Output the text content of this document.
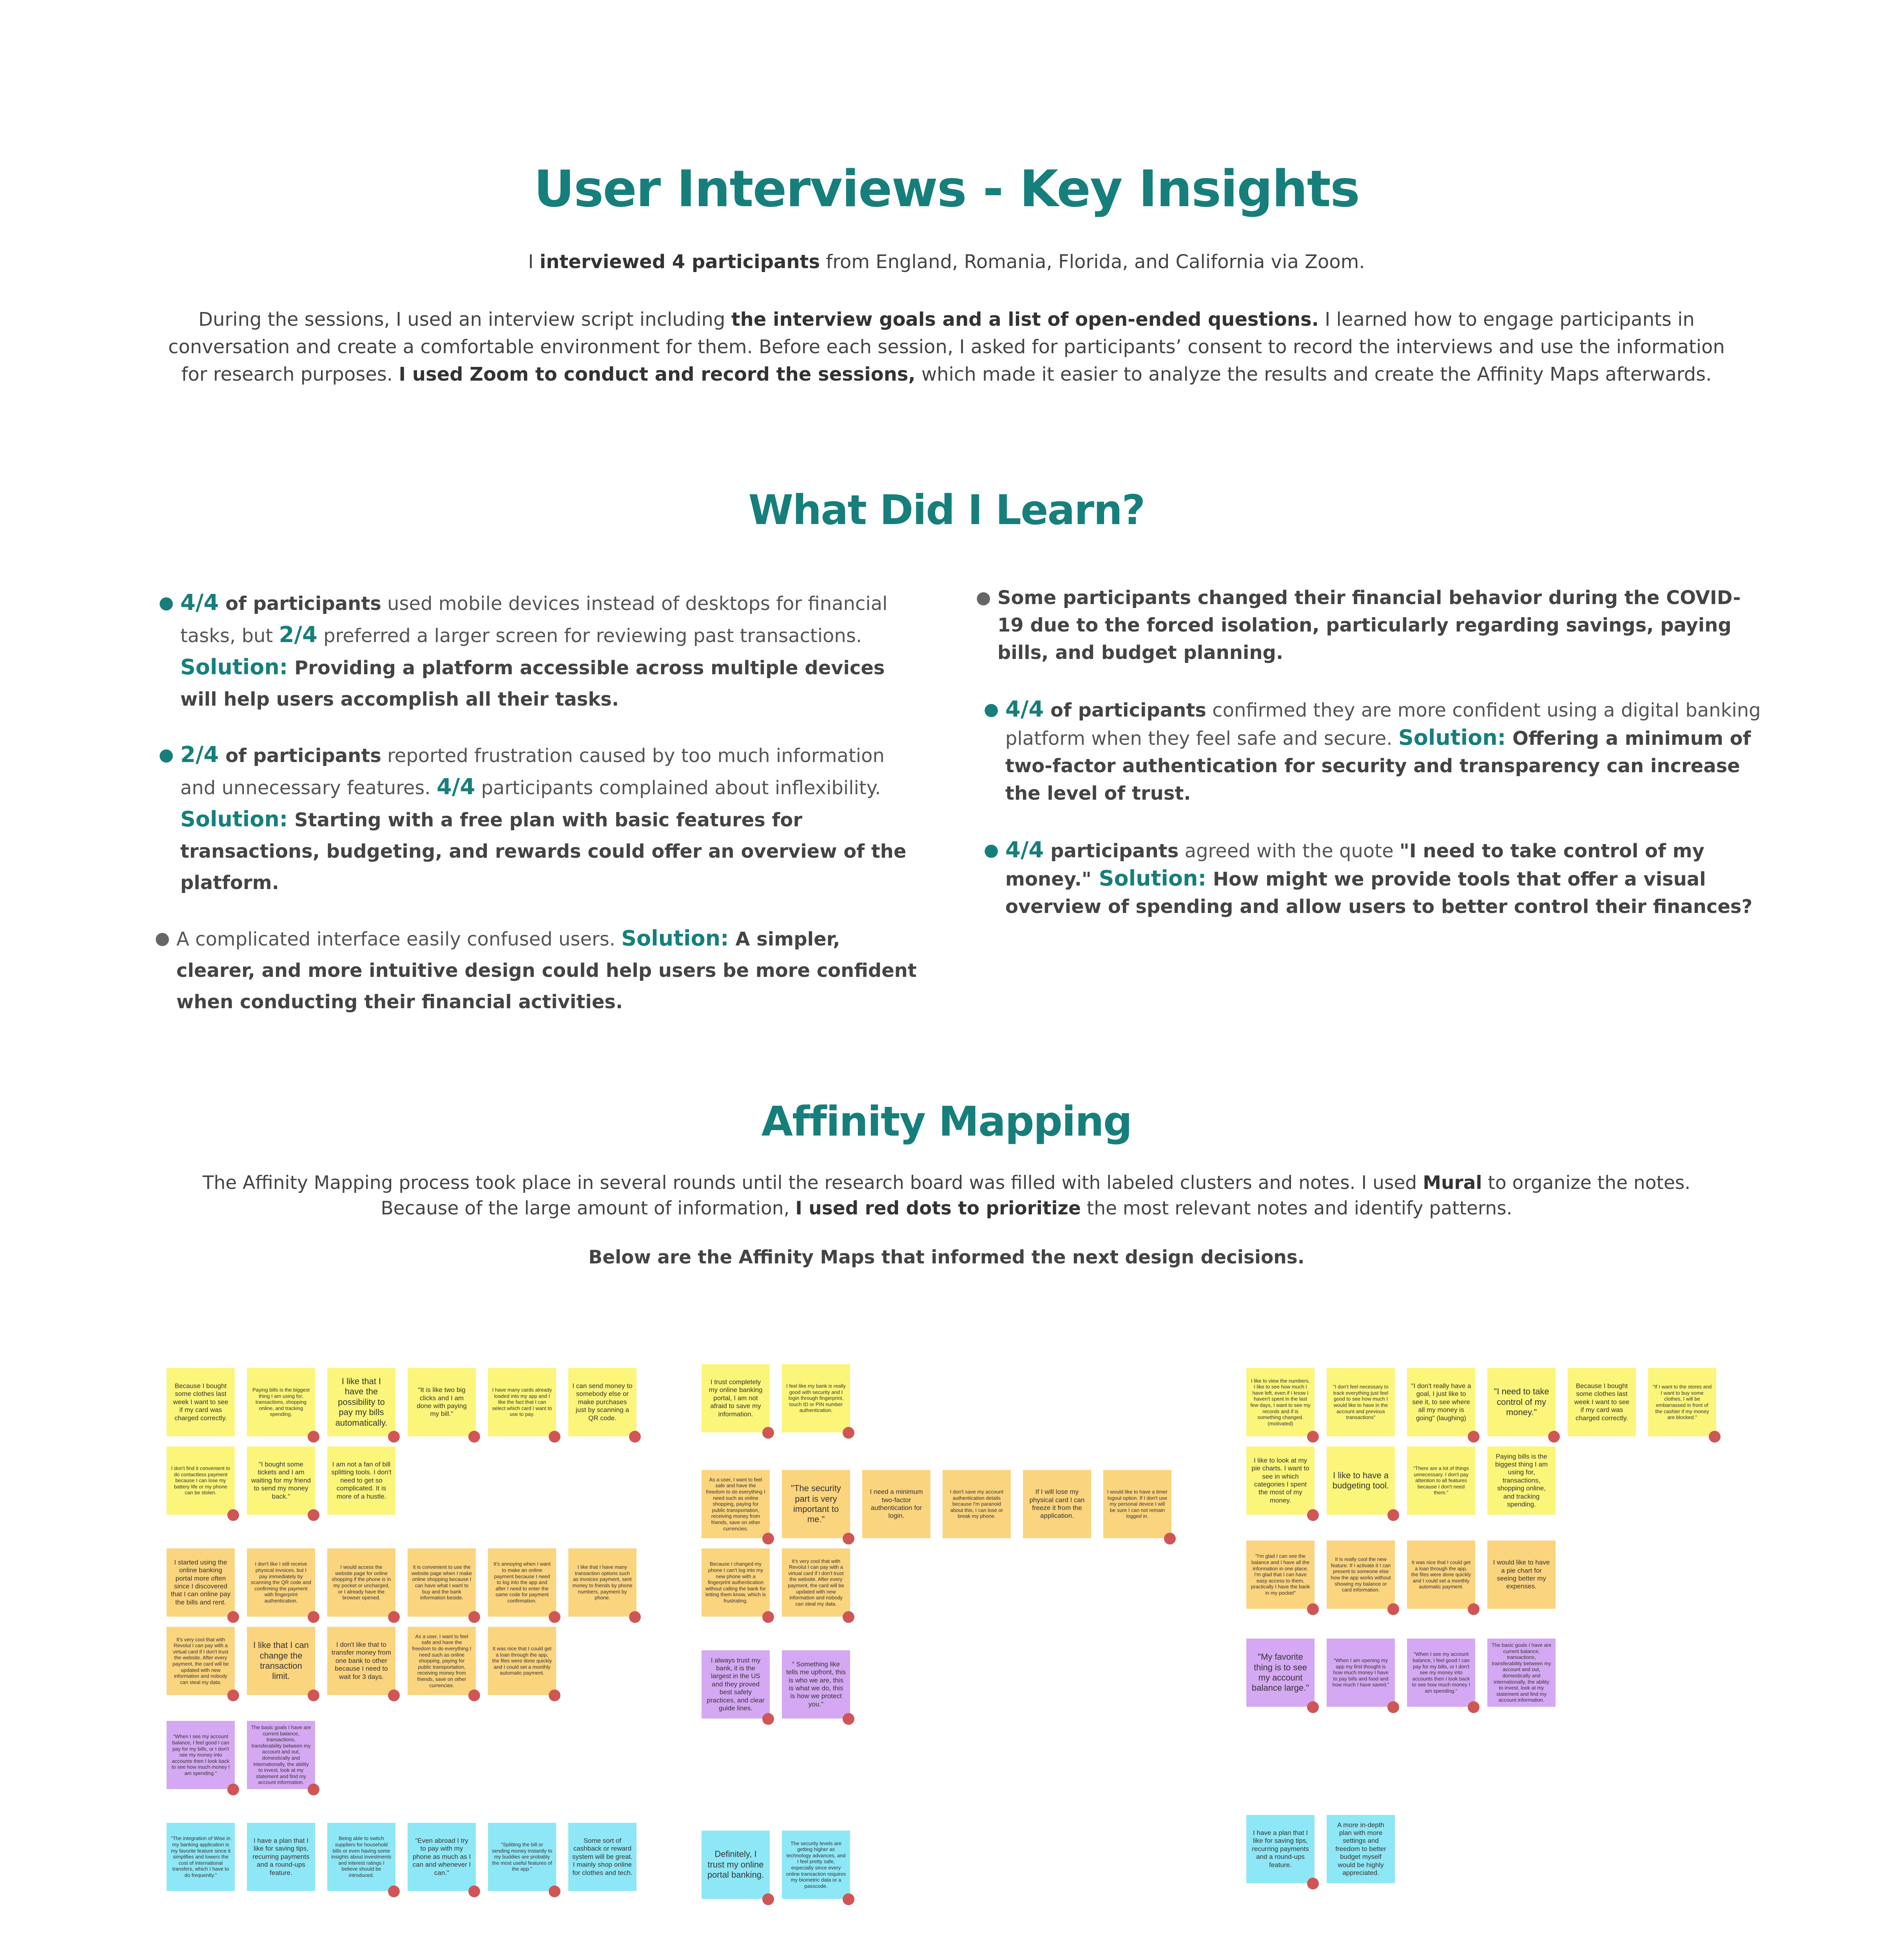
User Interviews - Key Insights

I interviewed 4 participants from England, Romania, Florida, and California via Zoom.

During the sessions, I used an interview script including the interview goals and a list of open-ended questions. I learned how to engage participants in conversation and create a comfortable environment for them. Before each session, I asked for participants’ consent to record the interviews and use the information for research purposes. I used Zoom to conduct and record the sessions, which made it easier to analyze the results and create the Affinity Maps afterwards.

What Did I Learn?
● 4/4 of participants used mobile devices instead of desktops for financial tasks, but 2/4 preferred a larger screen for reviewing past transactions. Solution: Providing a platform accessible across multiple devices will help users accomplish all their tasks.
● 2/4 of participants reported frustration caused by too much information and unnecessary features. 4/4 participants complained about inflexibility. Solution: Starting with a free plan with basic features for transactions, budgeting, and rewards could offer an overview of the platform.
● A complicated interface easily confused users. Solution: A simpler, clearer, and more intuitive design could help users be more confident when conducting their financial activities.
● Some participants changed their financial behavior during the COVID-19 due to the forced isolation, particularly regarding savings, paying bills, and budget planning.
● 4/4 of participants confirmed they are more confident using a digital banking platform when they feel safe and secure. Solution: Offering a minimum of two-factor authentication for security and transparency can increase the level of trust.
● 4/4 participants agreed with the quote "I need to take control of my money." Solution: How might we provide tools that offer a visual overview of spending and allow users to better control their finances?
Affinity Mapping

The Affinity Mapping process took place in several rounds until the research board was filled with labeled clusters and notes. I used Mural to organize the notes.

Because of the large amount of information, I used red dots to prioritize the most relevant notes and identify patterns.

Below are the Affinity Maps that informed the next design decisions.

Because I bought some clothes last week I want to see if my card was charged correctly.
Paying bills is the biggest thing I am using for, transactions, shopping online, and tracking spending.
I like that I have the possibility to pay my bills automatically.
"It is like two big clicks and I am done with paying my bill."
I have many cards already loaded into my app and I like the fact that I can select which card I want to use to pay.
I can send money to somebody else or make purchases just by scanning a QR code.
I don't find it convenient to do contactless payment because I can lose my battery life or my phone can be stolen.
"I bought some tickets and I am waiting for my friend to send my money back."
I am not a fan of bill splitting tools. I don't need to get so complicated. It is more of a hustle.
I started using the online banking portal more often since I discovered that I can online pay the bills and rent.
I don't like I still receive physical invoices, but I pay immediately by scanning the QR code and confirming the payment with fingerprint authentication.
I would access the website page for online shopping if the phone is in my pocket or uncharged, or I already have the browser opened.
It is convenient to use the website page when I make online shopping because I can have what I want to buy and the bank information beside.
It's annoying when I want to make an online payment because I need to log into the app and after I need to enter the same code for payment confirmation.
I like that I have many transaction options such as invoices payment, sent money to friends by phone numbers, payment by phone.
It's very cool that with Revolut I can pay with a virtual card if I don't trust the website. After every payment, the card will be updated with new information and nobody can steal my data.
I like that I can change the transaction limit.
I don't like that to transfer money from one bank to other because I need to wait for 3 days.
As a user, I want to feel safe and have the freedom to do everything I need such as online shopping, paying for public transportation, receiving money from friends, save on other currencies.
It was nice that I could get a loan through the app, the files were done quickly and I could set a monthly automatic payment.
"When I see my account balance, I feel good I can pay for my bills, or I don't see my money into accounts then I look back to see how much money I am spending."
The basic goals I have are current balance, transactions, transferability between my account and out, domestically and internationally, the ability to invest, look at my statement and find my account information.
"The integration of Wise in my banking application is my favorite feature since it simplifies and lowers the cost of international transfers, which I have to do frequently."
I have a plan that I like for saving tips, recurring payments and a round-ups feature.
Being able to switch suppliers for household bills or even having some insights about investments and interest ratings I believe should be introduced.
"Even abroad I try to pay with my phone as much as I can and whenever I can."
"Splitting the bill or sending money instantly to my buddies are probably the most useful features of the app."
Some sort of cashback or reward system will be great. I mainly shop online for clothes and tech.
I trust completely my online banking portal, I am not afraid to save my information.
I feel like my bank is really good with security and I login through fingerprint, touch ID or PIN number authentication.
As a user, I want to feel safe and have the freedom to do everything I need such as online shopping, paying for public transportation, receiving money from friends, save on other currencies.
"The security part is very important to me."
I need a minimum two-factor authentication for login.
I don't save my account authentication details because I'm paranoid about this, I can lose or break my phone.
If I will lose my physical card I can freeze it from the application.
I would like to have a timer logout option. If I don't use my personal device I will be sure I can not remain logged in.
Because I changed my phone I can't log into my new phone with a fingerprint authentication without calling the bank for letting them know, which is frustrating.
It's very cool that with Revolut I can pay with a virtual card if I don't trust the website. After every payment, the card will be updated with new information and nobody can steal my data.
I always trust my bank, it is the largest in the US and they proved best safety practices, and clear guide lines.
" Something like tells me upfront, this is who we are, this is what we do, this is how we protect you."
Definitely, I trust my online portal banking.
The security levels are getting higher as technology advances, and I feel pretty safe, especially since every online transaction requires my biometric data or a passcode.
I like to view the numbers. I like to see how much I have left, even if I know I haven't spent in the last few days, I want to see my records and if is something changed. (motivated)
"I don't feel necessary to track everything just feel good to see how much I would like to have in the account and previous transactions"
"I don't really have a goal, I just like to see it, to see where all my money is going" (laughing)
"I need to take control of my money."
Because I bought some clothes last week I want to see if my card was charged correctly.
"If I want to the stores and I want to buy some clothes, I will be embarrassed in front of the cashier if my money are blocked."
I like to look at my pie charts. I want to see in which categories I spent the most of my money.
I like to have a budgeting tool.
"There are a lot of things unnecessary. I don't pay attention to all features because I don't need them."
Paying bills is the biggest thing I am using for, transactions, shopping online, and tracking spending.
"I'm glad I can see the balance and I have all the information in one place. I'm glad that I can have easy access to them, practically I have the bank in my pocket"
It is really cool the new feature. If I activate it I can present to someone else how the app works without showing my balance or card information.
It was nice that I could get a loan through the app, the files were done quickly and I could set a monthly automatic payment.
I would like to have a pie chart for seeing better my expenses.
"My favorite thing is to see my account balance large."
"When I am opening my app my first thought is how much money I have to pay bills and food and how much I have saved."
"When I see my account balance, I feel good I can pay for my bills, or I don't see my money into accounts then I look back to see how much money I am spending."
The basic goals I have are current balance, transactions, transferability between my account and out, domestically and internationally, the ability to invest, look at my statement and find my account information.
I have a plan that I like for saving tips, recurring payments and a round-ups feature.
A more in-depth plan with more settings and freedom to better budget myself would be highly appreciated.
